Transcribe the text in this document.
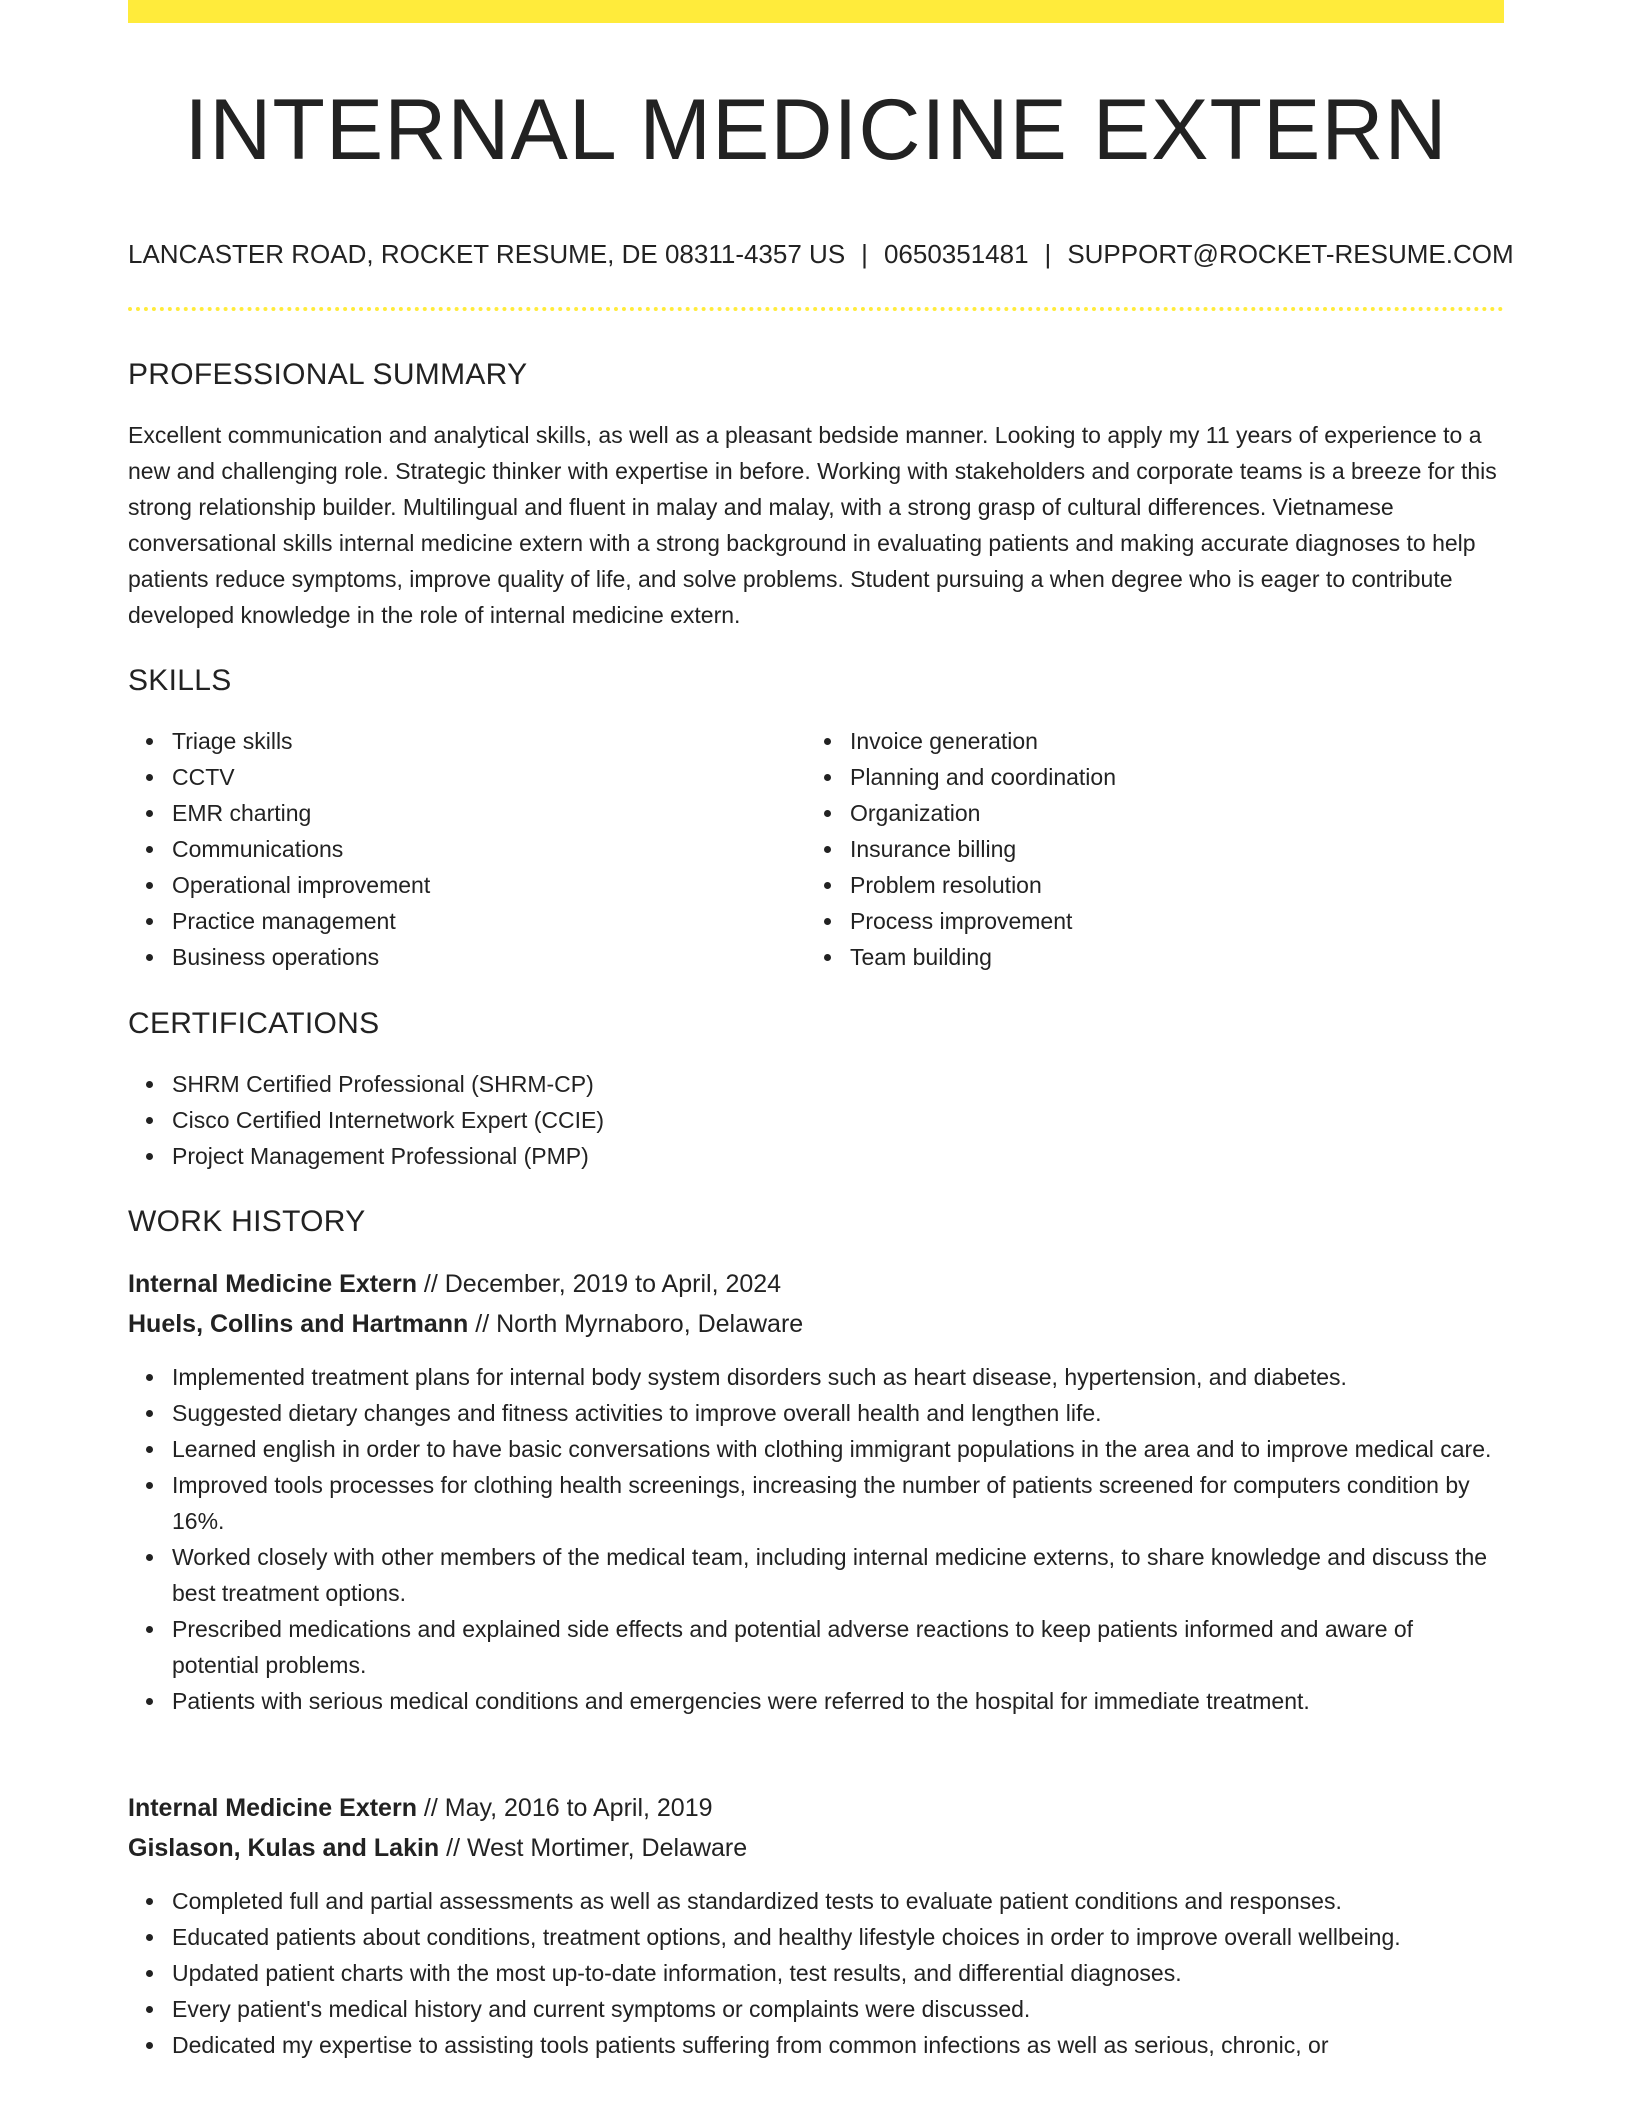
INTERNAL MEDICINE EXTERN
LANCASTER ROAD, ROCKET RESUME, DE 08311-4357 US | 0650351481 | SUPPORT@ROCKET-RESUME.COM
PROFESSIONAL SUMMARY

Excellent communication and analytical skills, as well as a pleasant bedside manner. Looking to apply my 11 years of experience to a new and challenging role. Strategic thinker with expertise in before. Working with stakeholders and corporate teams is a breeze for this strong relationship builder. Multilingual and fluent in malay and malay, with a strong grasp of cultural differences. Vietnamese conversational skills internal medicine extern with a strong background in evaluating patients and making accurate diagnoses to help patients reduce symptoms, improve quality of life, and solve problems. Student pursuing a when degree who is eager to contribute developed knowledge in the role of internal medicine extern.

SKILLS
Triage skills
CCTV
EMR charting
Communications
Operational improvement
Practice management
Business operations
Invoice generation
Planning and coordination
Organization
Insurance billing
Problem resolution
Process improvement
Team building
CERTIFICATIONS
SHRM Certified Professional (SHRM-CP)
Cisco Certified Internetwork Expert (CCIE)
Project Management Professional (PMP)
WORK HISTORY
Internal Medicine Extern // December, 2019 to April, 2024
Huels, Collins and Hartmann // North Myrnaboro, Delaware
Implemented treatment plans for internal body system disorders such as heart disease, hypertension, and diabetes.
Suggested dietary changes and fitness activities to improve overall health and lengthen life.
Learned english in order to have basic conversations with clothing immigrant populations in the area and to improve medical care.
Improved tools processes for clothing health screenings, increasing the number of patients screened for computers condition by 16%.
Worked closely with other members of the medical team, including internal medicine externs, to share knowledge and discuss the best treatment options.
Prescribed medications and explained side effects and potential adverse reactions to keep patients informed and aware of potential problems.
Patients with serious medical conditions and emergencies were referred to the hospital for immediate treatment.
Internal Medicine Extern // May, 2016 to April, 2019
Gislason, Kulas and Lakin // West Mortimer, Delaware
Completed full and partial assessments as well as standardized tests to evaluate patient conditions and responses.
Educated patients about conditions, treatment options, and healthy lifestyle choices in order to improve overall wellbeing.
Updated patient charts with the most up-to-date information, test results, and differential diagnoses.
Every patient's medical history and current symptoms or complaints were discussed.
Dedicated my expertise to assisting tools patients suffering from common infections as well as serious, chronic, or
